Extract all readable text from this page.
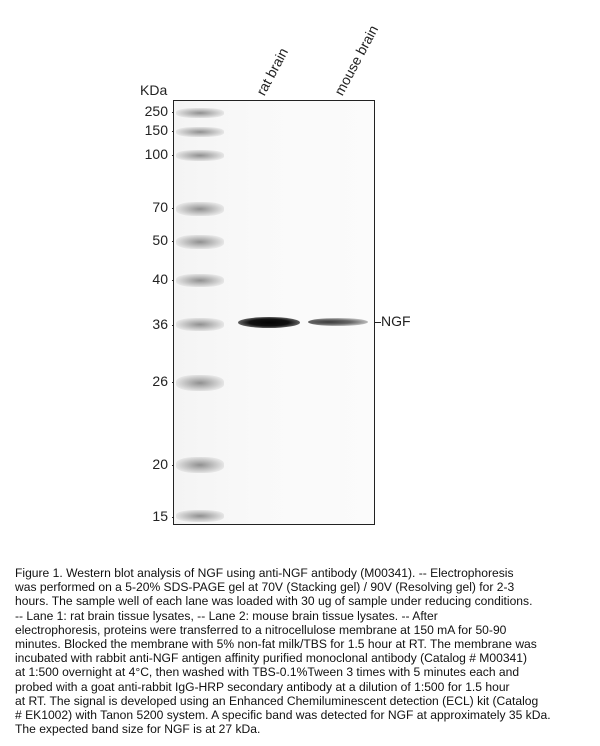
KDa	rat brain	mouse brain
250
150
100
70
50
40
36
26
20
15
NGF

Figure 1. Western blot analysis of NGF using anti-NGF antibody (M00341). -- Electrophoresis

was performed on a 5-20% SDS-PAGE gel at 70V (Stacking gel) / 90V (Resolving gel) for 2-3

hours. The sample well of each lane was loaded with 30 ug of sample under reducing conditions.

-- Lane 1: rat brain tissue lysates, -- Lane 2: mouse brain tissue lysates. -- After

electrophoresis, proteins were transferred to a nitrocellulose membrane at 150 mA for 50-90

minutes. Blocked the membrane with 5% non-fat milk/TBS for 1.5 hour at RT. The membrane was

incubated with rabbit anti-NGF antigen affinity purified monoclonal antibody (Catalog # M00341)

at 1:500 overnight at 4°C, then washed with TBS-0.1%Tween 3 times with 5 minutes each and

probed with a goat anti-rabbit IgG-HRP secondary antibody at a dilution of 1:500 for 1.5 hour

at RT. The signal is developed using an Enhanced Chemiluminescent detection (ECL) kit (Catalog

# EK1002) with Tanon 5200 system. A specific band was detected for NGF at approximately 35 kDa.

The expected band size for NGF is at 27 kDa.
